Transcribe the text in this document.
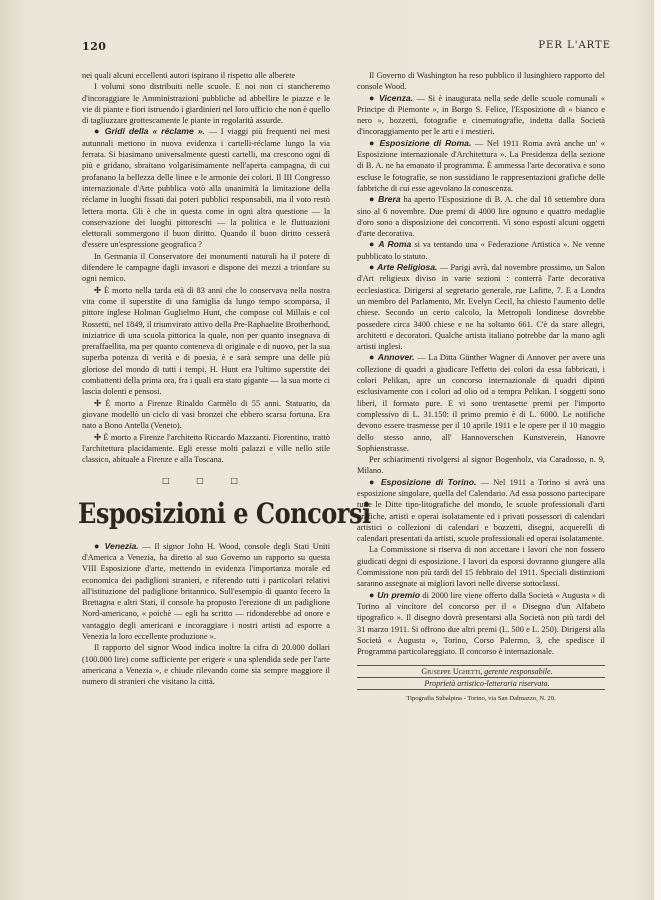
120	PER L'ARTE

nei quali alcuni eccellenti autori ispirano il rispetto alle alberete

I volumi sono distribuiti nelle scuole. E noi non ci stancheremo d'incoraggiare le Amministrazioni pubbliche ad abbellire le piazze e le vie di piante e fiori istruendo i giardinieri nel loro ufficio che non è quello di tagliuzzare grottescamente le piante in regolarità assurde.

● Gridi della « réclame ». — I viaggi più frequenti nei mesi autunnali mettono in nuova evidenza i cartelli-réclame lungo la via ferrata. Si biasimano universalmente questi cartelli, ma crescono ogni dì più e gridano, sbraitano volgarisimamente nell'aperta campagna, di cui profanano la bellezza delle linee e le armonie dei colori. Il III Congresso internazionale d'Arte pubblica votò alla unanimità la limitazione della réclame in luoghi fissati dai poteri pubblici responsabili, ma il voto restò lettera morta. Gli è che in questa come in ogni altra questione — la conservazione dei luoghi pittoreschi — la politica e le fluttuazioni elettorali sommergono il buon diritto. Quando il buon diritto cesserà d'essere un'espressione geografica ?

In Germania il Conservatore dei monumenti naturali ha il potere di difendere le campagne dagli invasori e dispone dei mezzi a trionfare su ogni nemico.

✢ È morto nella tarda età di 83 anni che lo conservava nella nostra vita come il superstite di una famiglia da lungo tempo scomparsa, il pittore inglese Holman Guglielmo Hunt, che compose col Millais e col Rossetti, nel 1849, il triumvirato attivo della Pre-Raphaelite Brotherhood, iniziatrice di una scuola pittorica la quale, non per quanto insegnava di preraffaellita, ma per quanto conteneva di originale e di nuovo, per la sua superba potenza di verità e di poesia, è e sarà sempre una delle più gloriose del mondo di tutti i tempi. H. Hunt era l'ultimo superstite dei combattenti della prima ora, fra i quali era stato gigante — la sua morte ci lascia dolenti e pensosi.

✢ È morto a Firenze Rinaldo Carmèlo di 55 anni. Statuario, da giovane modellò un ciclo di vasi bronzei che ebbero scarsa fortuna. Era nato a Bono Antella (Veneto).

✢ È morto a Firenze l'architetto Riccardo Mazzanti. Fiorentino, trattò l'architettura placidamente. Egli eresse molti palazzi e ville nello stile classico, abituale a Firenze e alla Toscana.

□ □ □
Esposizioni e Concorsi

● Venezia. — Il signor John H. Wood, console degli Stati Uniti d'America a Venezia, ha diretto al suo Governo un rapporto su questa VIII Esposizione d'arte, mettendo in evidenza l'importanza morale ed economica dei padiglioni stranieri, e riferendo tutti i particolari relativi all'istituzione del padiglione britannico. Sull'esempio di quanto fecero la Brettagna e altri Stati, il console ha proposto l'erezione di un padiglione Nord-americano, « poichè — egli ha scritto — ridonderebbe ad onore e vantaggio degli americani e incoraggiare i nostri artisti ad esporre a Venezia la loro eccellente produzione ».

Il rapporto del signor Wood indica inoltre la cifra di 20.000 dollari (100.000 lire) come sufficiente per erigere « una splendida sede per l'arte americana a Venezia », e chiude rilevando come sia sempre maggiore il numero di stranieri che visitano la città.

Il Governo di Washington ha reso pubblico il lusinghiero rapporto del console Wood.

● Vicenza. — Si è inaugurata nella sede delle scuole comunali « Principe di Piemonte », in Borgo S. Felice, l'Esposizione di « bianco e nero », bozzetti, fotografie e cinematografie, indetta dalla Società d'incoraggiamento per le arti e i mestieri.

● Esposizione di Roma. — Nel 1911 Roma avrà anche un' « Esposizione internazionale d'Architettura ». La Presidenza della sezione di B. A. ne ha emanato il programma. È ammessa l'arte decorativa e sono escluse le fotografie, se non sussidiano le rappresentazioni grafiche delle fabbriche di cui esse agevolano la conoscenza.

● Brera ha aperto l'Esposizione di B. A. che dal 18 settembre dura sino al 6 novembre. Due premi di 4000 lire ognuno e quattro medaglie d'oro sono a disposizione dei concorrenti. Vi sono esposti alcuni oggetti d'arte decorativa.

● A Roma si va tentando una « Federazione Artistica ». Ne venne pubblicato lo statuto.

● Arte Religiosa. — Parigi avrà, dal novembre prossimo, un Salon d'Art religieux diviso in varie sezioni : conterrà l'arte decorativa ecclesiastica. Dirigersi al segretario generale, rue Lafitte, 7. E a Londra un membro del Parlamento, Mr. Evelyn Cecil, ha chiesto l'aumento delle chiese. Secondo un certo calcolo, la Metropoli londinese dovrebbe possedere circa 3400 chiese e ne ha soltanto 661. C'è da stare allegri, architetti e decoratori. Qualche artista italiano potrebbe dar la mano agli artisti inglesi.

● Annover. — La Ditta Günther Wagner di Annover per avere una collezione di quadri a giudicare l'effetto dei colori da essa fabbricati, i colori Pelikan, apre un concorso internazionale di quadri dipinti esclusivamente con i colori ad olio od a tempra Pelikan. I soggetti sono liberi, il formato pure. E vi sono trentasette premi per l'importo complessivo di L. 31.150: il primo premio è di L. 6000. Le notifiche devono essere trasmesse per il 10 aprile 1911 e le opere per il 10 maggio dello stesso anno, all' Hannoverschen Kunstverein, Hanovre Sophienstrasse.

Per schiarimenti rivolgersi al signor Bogenholz, via Caradosso, n. 9, Milano.

● Esposizione di Torino. — Nel 1911 a Torino si avrà una esposizione singolare, quella del Calendario. Ad essa possono partecipare tutte le Ditte tipo-litografiche del mondo, le scuole professionali d'arti grafiche, artisti e operai isolatamente ed i privati possessori di calendari artistici o collezioni di calendari e bozzetti, disegni, acquerelli di calendari presentati da artisti, scuole professionali ed operai isolatamente.

La Commissione si riserva di non accettare i lavori che non fossero giudicati degni di esposizione. I lavori da esporsi dovranno giungere alla Commissione non più tardi del 15 febbraio del 1911. Speciali distinzioni saranno assegnate ai migliori lavori nelle diverse sottoclassi.

● Un premio di 2000 lire viene offerto dalla Società « Augusta » di Torino al vincitore del concorso per il « Disegno d'un Alfabeto tipografico ». Il disegno dovrà presentarsi alla Società non più tardi del 31 marzo 1911. Si offrono due altri premi (L. 500 e L. 250). Dirigersi alla Società « Augusta », Torino, Corso Palermo, 3, che spedisce il Programma particolareggiato. Il concorso è internazionale.

Giuseppe Ughetti, gerente responsabile.

Proprietà artistico-letteraria riservata.

Tipografia Subalpina - Torino, via San Dalmazzo, N. 20.
